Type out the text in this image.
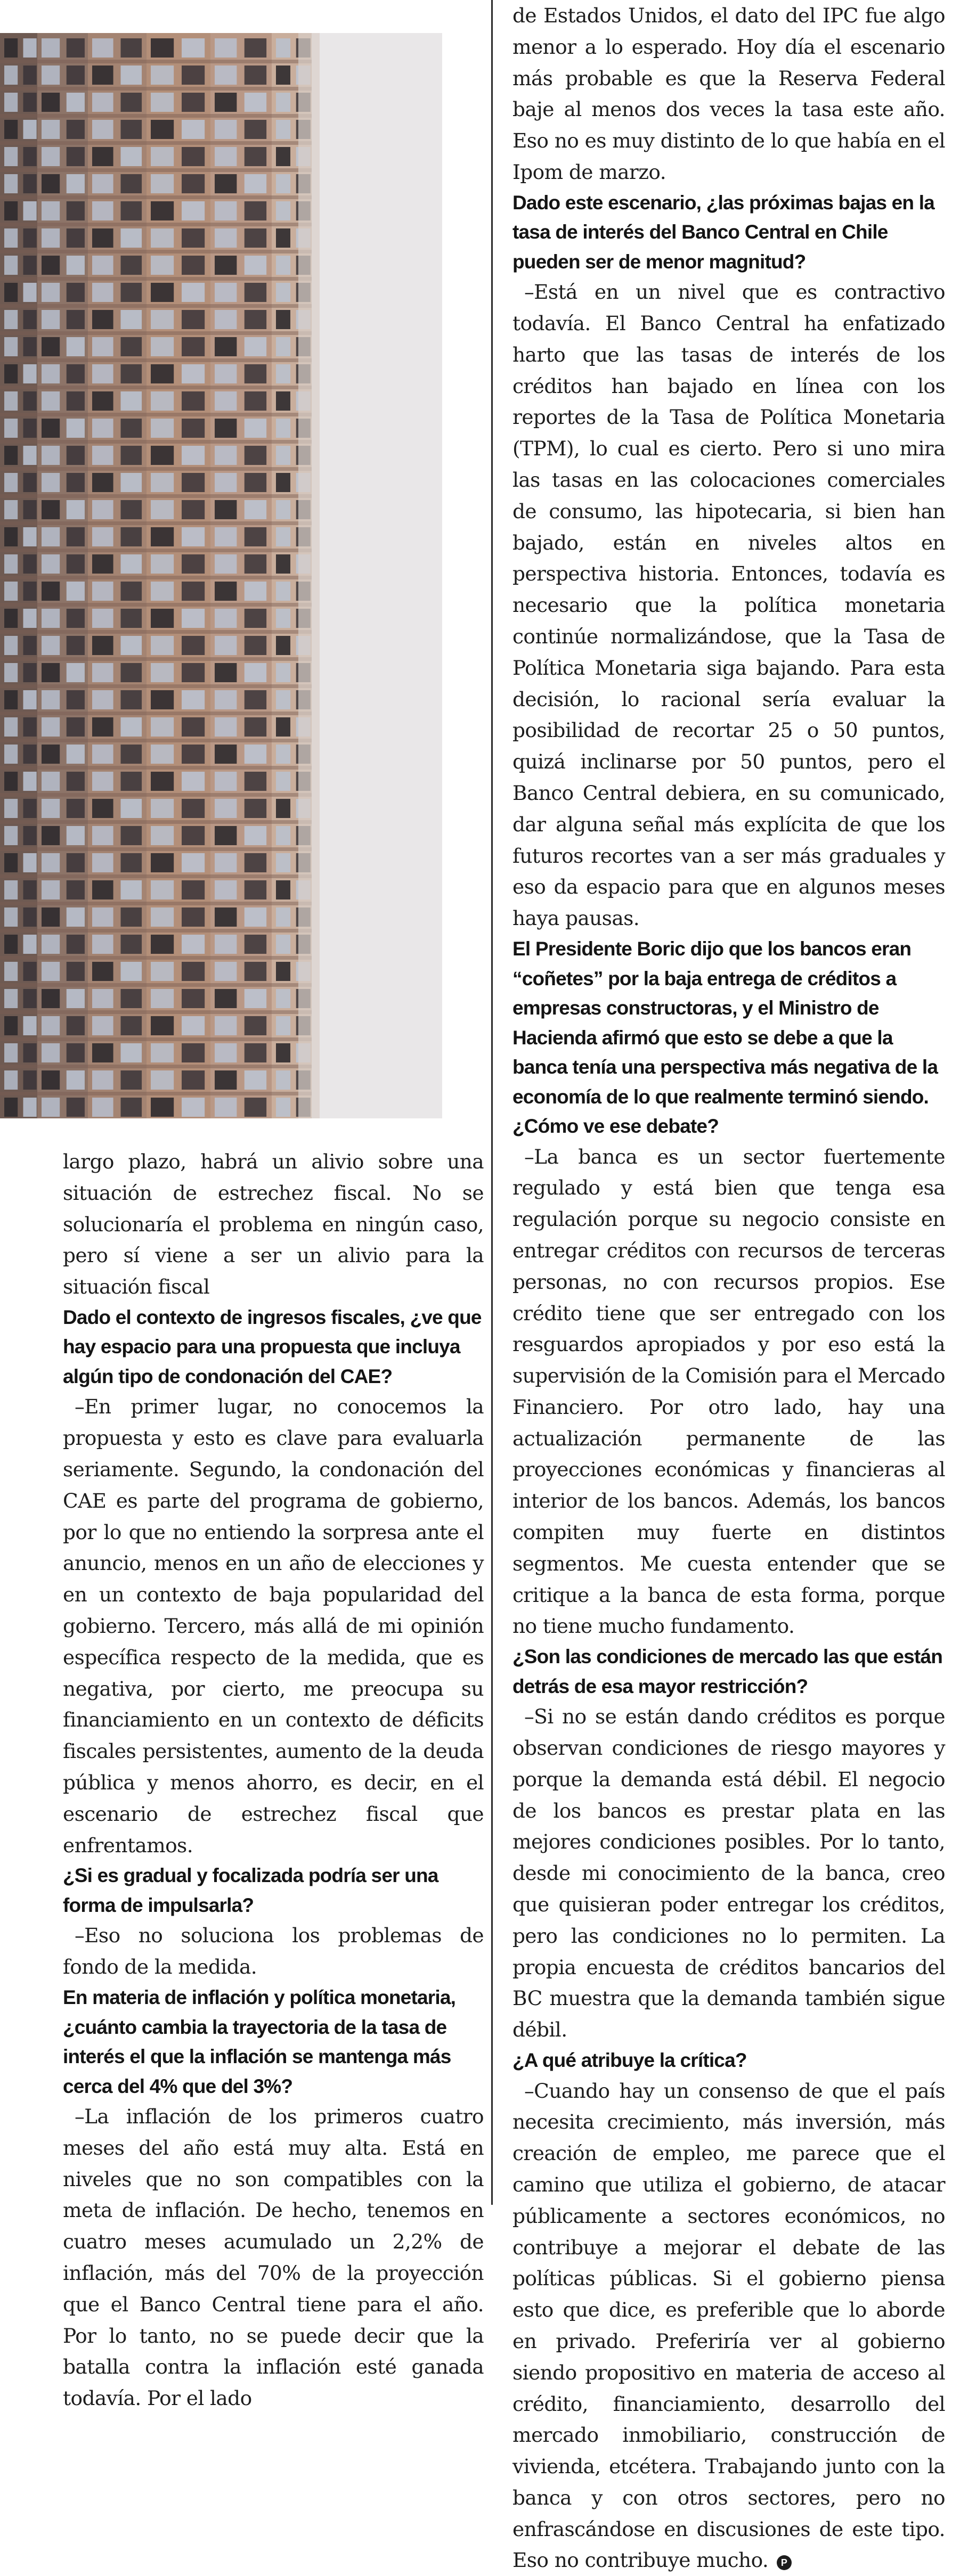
largo plazo, habrá un alivio sobre una situación de estrechez fiscal. No se solucionaría el problema en ningún caso, pero sí viene a ser un alivio para la situación fiscal

Dado el contexto de ingresos fiscales, ¿ve que hay espacio para una propuesta que incluya algún tipo de condonación del CAE?

–En primer lugar, no conocemos la propuesta y esto es clave para evaluarla seriamente. Segundo, la condonación del CAE es parte del programa de gobierno, por lo que no entiendo la sorpresa ante el anuncio, menos en un año de elecciones y en un contexto de baja popularidad del gobierno. Tercero, más allá de mi opinión específica respecto de la medida, que es negativa, por cierto, me preocupa su financiamiento en un contexto de déficits fiscales persistentes, aumento de la deuda pública y menos ahorro, es decir, en el escenario de estrechez fiscal que enfrentamos.

¿Si es gradual y focalizada podría ser una forma de impulsarla?

–Eso no soluciona los problemas de fondo de la medida.

En materia de inflación y política monetaria, ¿cuánto cambia la trayectoria de la tasa de interés el que la inflación se mantenga más cerca del 4% que del 3%?

–La inflación de los primeros cuatro meses del año está muy alta. Está en niveles que no son compatibles con la meta de inflación. De hecho, tenemos en cuatro meses acumulado un 2,2% de inflación, más del 70% de la proyección que el Banco Central tiene para el año. Por lo tanto, no se puede decir que la batalla contra la inflación esté ganada todavía. Por el lado

de Estados Unidos, el dato del IPC fue algo menor a lo esperado. Hoy día el escenario más probable es que la Reserva Federal baje al menos dos veces la tasa este año. Eso no es muy distinto de lo que había en el Ipom de marzo.

Dado este escenario, ¿las próximas bajas en la tasa de interés del Banco Central en Chile pueden ser de menor magnitud?

–Está en un nivel que es contractivo todavía. El Banco Central ha enfatizado harto que las tasas de interés de los créditos han bajado en línea con los reportes de la Tasa de Política Monetaria (TPM), lo cual es cierto. Pero si uno mira las tasas en las colocaciones comerciales de consumo, las hipotecaria, si bien han bajado, están en niveles altos en perspectiva historia. Entonces, todavía es necesario que la política monetaria continúe normalizándose, que la Tasa de Política Monetaria siga bajando. Para esta decisión, lo racional sería evaluar la posibilidad de recortar 25 o 50 puntos, quizá inclinarse por 50 puntos, pero el Banco Central debiera, en su comunicado, dar alguna señal más explícita de que los futuros recortes van a ser más graduales y eso da espacio para que en algunos meses haya pausas.

El Presidente Boric dijo que los bancos eran “coñetes” por la baja entrega de créditos a empresas constructoras, y el Ministro de Hacienda afirmó que esto se debe a que la banca tenía una perspectiva más negativa de la economía de lo que realmente terminó siendo. ¿Cómo ve ese debate?

–La banca es un sector fuertemente regulado y está bien que tenga esa regulación porque su negocio consiste en entregar créditos con recursos de terceras personas, no con recursos propios. Ese crédito tiene que ser entregado con los resguardos apropiados y por eso está la supervisión de la Comisión para el Mercado Financiero. Por otro lado, hay una actualización permanente de las proyecciones económicas y financieras al interior de los bancos. Además, los bancos compiten muy fuerte en distintos segmentos. Me cuesta entender que se critique a la banca de esta forma, porque no tiene mucho fundamento.

¿Son las condiciones de mercado las que están detrás de esa mayor restricción?

–Si no se están dando créditos es porque observan condiciones de riesgo mayores y porque la demanda está débil. El negocio de los bancos es prestar plata en las mejores condiciones posibles. Por lo tanto, desde mi conocimiento de la banca, creo que quisieran poder entregar los créditos, pero las condiciones no lo permiten. La propia encuesta de créditos bancarios del BC muestra que la demanda también sigue débil.

¿A qué atribuye la crítica?

–Cuando hay un consenso de que el país necesita crecimiento, más inversión, más creación de empleo, me parece que el camino que utiliza el gobierno, de atacar públicamente a sectores económicos, no contribuye a mejorar el debate de las políticas públicas. Si el gobierno piensa esto que dice, es preferible que lo aborde en privado. Preferiría ver al gobierno siendo propositivo en materia de acceso al crédito, financiamiento, desarrollo del mercado inmobiliario, construcción de vivienda, etcétera. Trabajando junto con la banca y con otros sectores, pero no enfrascándose en discusiones de este tipo. Eso no contribuye mucho. P
